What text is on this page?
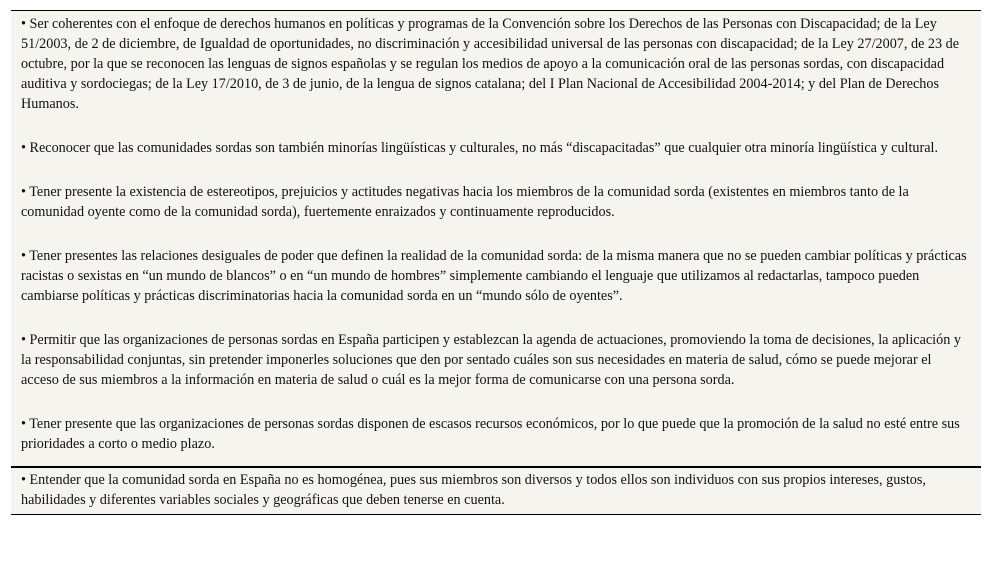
• Ser coherentes con el enfoque de derechos humanos en políticas y programas de la Convención sobre los Derechos de las Personas con Discapacidad; de la Ley 51/2003, de 2 de diciembre, de Igualdad de oportunidades, no discriminación y accesibilidad universal de las personas con discapacidad; de la Ley 27/2007, de 23 de octubre, por la que se reconocen las lenguas de signos españolas y se regulan los medios de apoyo a la comunicación oral de las personas sordas, con discapacidad auditiva y sordociegas; de la Ley 17/2010, de 3 de junio, de la lengua de signos catalana; del I Plan Nacional de Accesibilidad 2004-2014; y del Plan de Derechos Humanos.

• Reconocer que las comunidades sordas son también minorías lingüísticas y culturales, no más “discapacitadas” que cualquier otra minoría lingüística y cultural.

• Tener presente la existencia de estereotipos, prejuicios y actitudes negativas hacia los miembros de la comunidad sorda (existentes en miembros tanto de la comunidad oyente como de la comunidad sorda), fuertemente enraizados y continuamente reproducidos.

• Tener presentes las relaciones desiguales de poder que definen la realidad de la comunidad sorda: de la misma manera que no se pueden cambiar políticas y prácticas racistas o sexistas en “un mundo de blancos” o en “un mundo de hombres” simplemente cambiando el lenguaje que utilizamos al redactarlas, tampoco pueden cambiarse políticas y prácticas discriminatorias hacia la comunidad sorda en un “mundo sólo de oyentes”.

• Permitir que las organizaciones de personas sordas en España participen y establezcan la agenda de actuaciones, promoviendo la toma de decisiones, la aplicación y la responsabilidad conjuntas, sin pretender imponerles soluciones que den por sentado cuáles son sus necesidades en materia de salud, cómo se puede mejorar el acceso de sus miembros a la información en materia de salud o cuál es la mejor forma de comunicarse con una persona sorda.

• Tener presente que las organizaciones de personas sordas disponen de escasos recursos económicos, por lo que puede que la promoción de la salud no esté entre sus prioridades a corto o medio plazo.

• Entender que la comunidad sorda en España no es homogénea, pues sus miembros son diversos y todos ellos son individuos con sus propios intereses, gustos, habilidades y diferentes variables sociales y geográficas que deben tenerse en cuenta.
